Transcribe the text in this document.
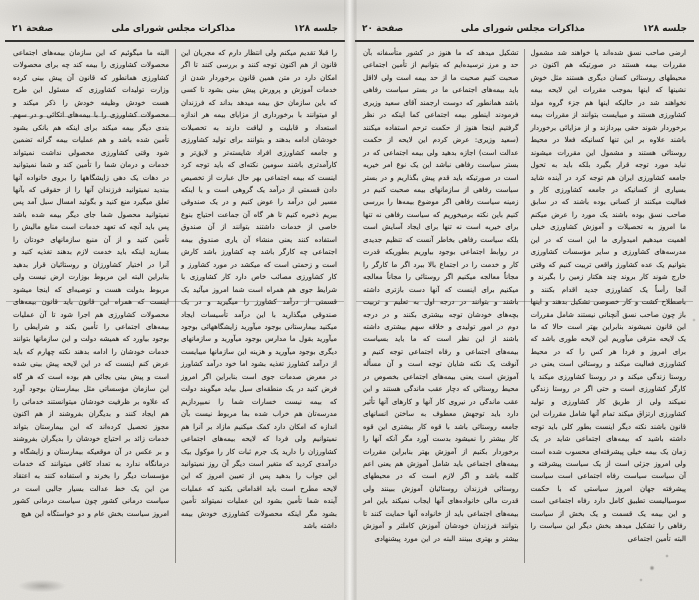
جلسه ۱۲۸
مذاکرات مجلس شورای ملی
صفحة ۲۰
ارضی صاحب نسق شده‌اند یا خواهند شد مشمول مقررات بیمه هستند در صورتیکه هم اکنون در محیطهای روستائی کسان دیگری هستند مثل خوش نشینها که اینها بموجب مقررات این لایحه بیمه نخواهند شد در حالیکه اینها هم جزء گروه مولد کشاورزی هستند و میبایست بتوانند از مقررات بیمه برخوردار شوند حقی بپردازند و از مزایائی برخوردار باشند علاوه بر این تنها کسانیکه فعلا در محیط روستائی هستند و مشمول این مقررات میشوند نباید مورد توجه قرار بگیرد بلکه باید به تحول جامعه کشاورزی ایران هم توجه کرد در آینده شاید بسیاری از کسانیکه در جامعه کشاورزی کار و فعالیت میکنند از کسانی بوده باشند که در سابق صاحب نسق بوده باشند یک مورد را عرض میکنم ما امروز به تحصیلات و آموزش کشاورزی خیلی اهمیت میدهیم امیدواری ما این است که در این مدرسه‌های کشاورزی و سایر مؤسسات کشاورزی بتوانیم یک عده کشاورز واقعی تربیت کنیم که وقتی خارج شوند کار بروند چند هکتار زمین را بگیرند و آنجا رأساً یک کشاورزی جدید اقدام بکنند و باصطلاح کشت و کار خصوصی تشکیل بدهند و اینها باز چون صاحب نسق آنچنانی نیستند شامل مقررات این قانون نمیشوند بنابراین بهتر است حالا که ما یک لایحه مترقی میآوریم این لایحه طوری باشد که برای امروز و فردا هر کس را که در محیط کشاورزی فعالیت میکند و روستائی است یعنی در روستا زندگی میکند و در روستا کشاورزی میکند یا کارگر کشاورزی است و حتی اگر در روستا زندگی نمیکند ولی از طریق کار کشاورزی و تولید کشاورزی ارتزاق میکند تمام آنها شامل مقررات این قانون باشند نکته دیگر اینست بطور کلی باید توجه داشته باشید که بیمه‌های اجتماعی شاید در یک زمان یک بیمه خیلی پیشرفته‌ای محسوب شده است ولی امروز جزئی است از یک سیاست پیشرفته و آن سیاست سیاست رفاه اجتماعی است سیاست پیشرفته جهان امروز سیاستی که با حکمت سوسیالیست تطبیق کامل دارد رفاه اجتماعی است و این بیمه یک قسمت و یک بخش از سیاست رفاهی را تشکیل میدهد بخش دیگر این سیاست را البته تأمین اجتماعی
تشکیل میدهد که ما هنوز در کشور متأسفانه بآن حد و مرز نرسیده‌ایم که بتوانیم از تأمین اجتماعی صحبت کنیم صحبت ما از حد بیمه است ولی لااقل باید بیمه‌های اجتماعی ما در بستر سیاست رفاهی باشد همانطور که دوست ارجمند آقای سعید وزیری فرمودند اینطور بیمه اجتماعی کما اینکه در نظر گرفتیم اینجا هنوز از حکمت ترحم استفاده میکنند (سعید وزیری: عرض کردم این لایحه از حکمت عدالت است) اجازه بدهید ولی بیمه اجتماعی که در بستر سیاست رفاهی نباشد این یک نوع امر خیریه است در صورتیکه باید قدم پیش بگذاریم و در بستر سیاست رفاهی از سازمانهای بیمه صحبت کنیم در زمینه سیاست رفاهی اگر موضوع بیمه‌ها را بررسی کنیم باین نکته برمیخوریم که سیاست رفاهی نه تنها برای خیریه است نه تنها برای ایجاد آسایش است بلکه سیاست رفاهی بخاطر آنست که تنظیم جدیدی در روابط اجتماعی بوجود بیاوریم بطوریکه قدرت کار و خدمت را در اجتماع بالا ببرد اگر ما کارگر را مجاناً معالجه میکنیم اگر روستائی را مجاناً معالجه میکنیم برای اینست که آنها دست بازتری داشته باشند و بتوانند در درجه اول به تعلیم و تربیت بچه‌های خودشان توجه بیشتری بکنند و در درجه دوم در امور تولیدی و خلاقه سهم بیشتری داشته باشند از این نظر است که ما باید بسیاست بیمه‌های اجتماعی و رفاه اجتماعی توجه کنیم و آنوقت یک نکته شایان توجه است و آن مسأله آموزش است یعنی بیمه‌های اجتماعی بخصوص در محیط روستائی که دچار عقب ماندگی هستند و این عقب ماندگی در نیروی کار آنها و کارهای آنها تأثیر دارد باید توجهش معطوف به ساختن انسانهای جامعه روستائی باشد با قوه کار بیشتری این قوه کار بیشتر را نمیشود بدست آورد مگر آنکه آنها را برخوردار بکنیم از آموزش بهتر بنابراین مقررات بیمه‌های اجتماعی باید شامل آموزش هم یعنی اعم کلمه باشد و اگر لازم است که در محیطهای روستائی فرزندان روستائیان آموزش ببینند ولی قدرت مالی خانواده‌های آنها ایجاب نمیکند باین امر بیمه‌های اجتماعی باید از خانواده آنها حمایت کنند تا بتوانند فرزندان خودشان آموزش کاملتر و آموزش بیشتر و بهتری ببینند البته در این مورد پیشنهادی
جلسه ۱۲۸
مذاکرات مجلس شورای ملی
صفحة ۲۱
را قبلا تقدیم میکنم ولی انتظار دارم که مجریان این قانون از هم اکنون توجه کنند و بررسی کنند تا اگر امکان دارد در متن همین قانون برخوردار شدن از خدمات آموزش و پرورش پیش بینی بشود تا کسی که باین سازمان حق بیمه میدهد بداند که فرزندان او میتوانند با برخورداری از مزایای بیمه هر اندازه استعداد و قابلیت و لیاقت دارند به تحصیلات خودشان ادامه بدهند و بتوانند برای تولید کشاورزی و جامعه کشاورزی افراد شایسته‌تر و لایق‌تر و کارآمدتری باشند سومین نکته‌ای که باید توجه کرد اینست که بیمه اجتماعی بهر حال عبارت از تخصیص دادن قسمتی از درآمد یک گروهی است و یا اینکه مسیر این درآمد را عوض کنیم و در یک صندوقی ببریم ذخیره کنیم تا هر گاه آن جماعت احتیاج بنوع خاصی از خدمات داشتند بتوانند از آن صندوق استفاده کنند یعنی منشاء آن یاری صندوق بیمه اجتماعی چه کارگر باشد چه کشاورز باشد کارش است و زحمتی است که میکشد در مورد کشاورز و کار کشاورزی مصائب خاص دارد کار کشاورزی با شرایط جوی هم همراه است شما امروز میآئید یک قسمتی از درآمد کشاورز را میگیرید و در یک صندوقی میگذارید با این درآمد تأسیسات ایجاد میکنید بیمارستانی بوجود میآورید زایشگاههائی بوجود میآورید بقول ما مدارس بوجود میآورید و سازمانهای دیگری بوجود میآورید و هزینه این سازمانها میبایست از درآمد کشاورز تغذیه بشود اما خود درآمد کشاورز در معرض صدمات جوی است بنابراین اگر امروز فرض کنید در یک منطقه‌ای سیل بیاید میگویند دولت که بیمه نیست خسارات شما را نمیپردازیم مدرسه‌تان هم خراب شده بما مربوط نیست بآن اندازه که امکان دارد کمک میکنیم مازاد بر آنرا هم نمیتوانیم ولی فردا که لایحه بیمه‌های اجتماعی کشاورزان را دارید یک جرم ثبات کار را موکول بیک درآمدی کردید که متغیر است دیگر آن روز نمیتوانید این جواب را بدهید پس از تعیین امروز که این لایحه مطرح است باید اقداماتی بکنید که عملیات آینده شما تأمین بشود این عملیات نمیتواند تأمین بشود مگر اینکه محصولات کشاورزی خودش بیمه داشته باشد
البته ما میگوئیم که این سازمان بیمه‌های اجتماعی محصولات کشاورزی را بیمه کند چه برای محصولات کشاورزی همانطور که قانون آن پیش بینی کرده وزارت تولیدات کشاورزی که مسئول این طرح هست خودش وظیفه خودش را ذکر میکند و محصولات کشاورزی را با بیمه‌های اتکائی و در سهم بندی دیگر بیمه میکند برای اینکه هم بانکی بشود تأمین شده باشد و هم عملیات بیمه گرانه تضمین شود وقتی کشاورزی محصولی نداشت نمیتواند خدمات و درمان شما را تأمین کند و شما نمیتوانید در دهات یک دهی زایشگاهها را بروی خانواده آنها ببندید نمیتوانید فرزندان آنها را از حقوقی که بآنها تعلق میگیرد منع کنید و بگوئید امسال سیل آمد پس نمیتوانید محصول شما جای دیگر بیمه شده باشد پس باید آنچه که تعهد خدمات است منابع مالیش را تأمین کنید و از آن منبع سازمانهای خودتان را بسازید اینکه باید خدمت لازم بدهند تغذیه کنید و آنرا در اختیار کشاورزان و روستائیان قرار بدهید بنابراین البته این مربوط بوزارت ارض نیست ولی مربوط بدولت هست و توصیه‌ای که اینجا میشود اینست که همراه این قانون باید قانون بیمه‌های محصولات کشاورزی هم اجرا شود تا آن عملیات بیمه‌های اجتماعی را تأمین بکند و شرایطی را بوجود بیاورد که همیشه دولت و این سازمانها بتوانند خدمات خودشان را ادامه بدهند نکته چهارم که باید عرض کنم اینست که در این لایحه پیش بینی شده است و پیش بینی بجائی هم بوده است که هر گاه این سازمان مؤسساتی مثل بیمارستان بوجود آورد که علاوه بر ظرفیت خودشان میتوانستند خدماتی را هم ایجاد کنند و بدیگران بفروشند از هم اکنون مجوز تحصیل کرده‌اند که این بیمارستان بتواند خدمات زائد بر احتیاج خودشان را بدیگران بفروشند و بر عکس در آن موقعیکه بیمارستان و زایشگاه و درمانگاه ندارد به تعداد کافی میتوانند که خدمات مؤسسات دیگر را بخرند و استفاده کنند به اعتقاد من این یک خط عدالت بسیار جالبی است در سیاست درمانی کشور چون سیاست درمانی کشور امروز سیاست بخش عام و دو خواستگاه این هیچ
